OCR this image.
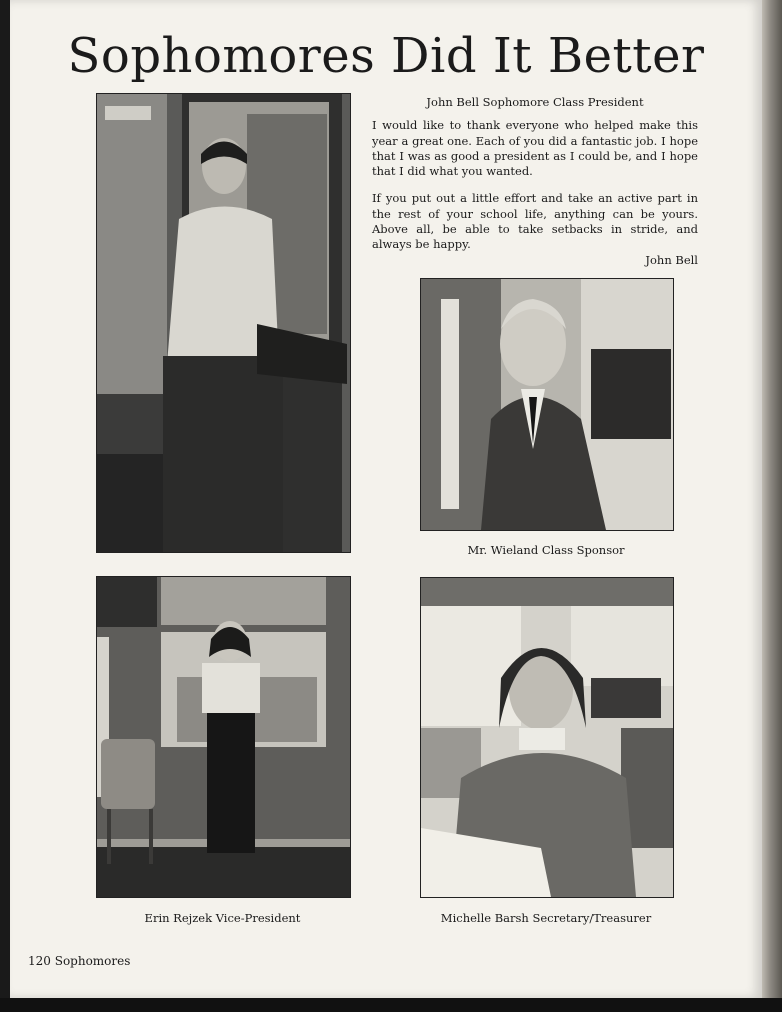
Sophomores Did It Better
John Bell Sophomore Class President

I would like to thank everyone who helped make this year a great one. Each of you did a fantastic job. I hope that I was as good a president as I could be, and I hope that I did what you wanted.

If you put out a little effort and take an active part in the rest of your school life, anything can be yours. Above all, be able to take setbacks in stride, and always be happy.

John Bell
Mr. Wieland Class Sponsor
Erin Rejzek Vice-President	Michelle Barsh Secretary/Treasurer
120 Sophomores
